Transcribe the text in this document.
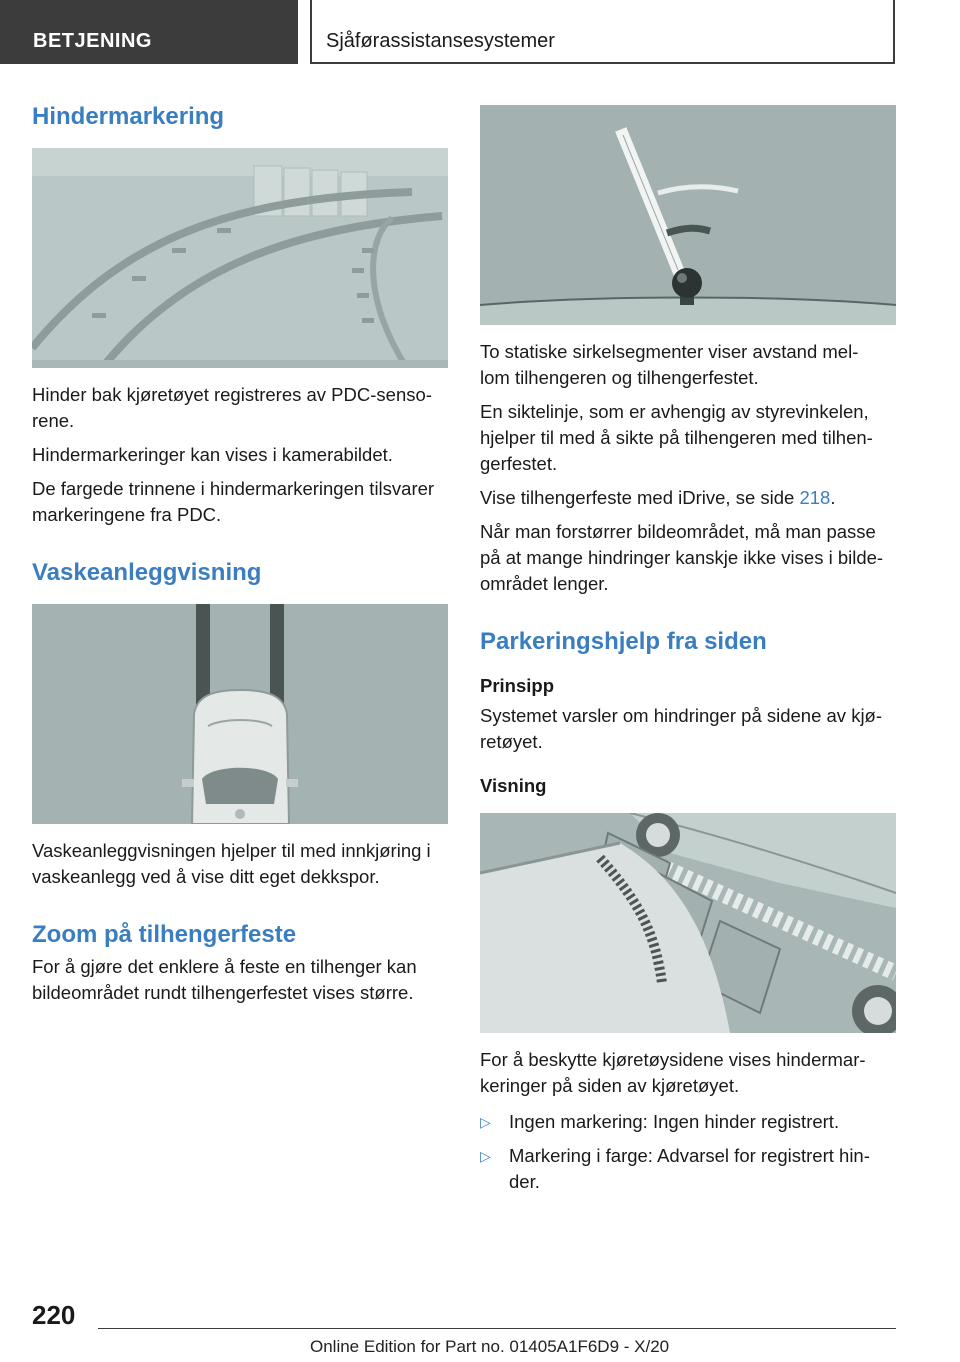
BETJENING	Sjåførassistansesystemer
Hindermarkering

Hinder bak kjøretøyet registreres av PDC-senso-

rene.

Hindermarkeringer kan vises i kamerabildet.

De fargede trinnene i hindermarkeringen tilsvarer

markeringene fra PDC.

Vaskeanleggvisning

Vaskeanleggvisningen hjelper til med innkjøring i

vaskeanlegg ved å vise ditt eget dekkspor.

Zoom på tilhengerfeste

For å gjøre det enklere å feste en tilhenger kan

bildeområdet rundt tilhengerfestet vises større.

To statiske sirkelsegmenter viser avstand mel-

lom tilhengeren og tilhengerfestet.

En siktelinje, som er avhengig av styrevinkelen,

hjelper til med å sikte på tilhengeren med tilhen-

gerfestet.

Vise tilhengerfeste med iDrive, se side 218.

Når man forstørrer bildeområdet, må man passe

på at mange hindringer kanskje ikke vises i bilde-

området lenger.

Parkeringshjelp fra siden
Prinsipp

Systemet varsler om hindringer på sidene av kjø-

retøyet.

Visning

For å beskytte kjøretøysidene vises hindermar-

keringer på siden av kjøretøyet.

▷ Ingen markering: Ingen hinder registrert.
▷ Markering i farge: Advarsel for registrert hin-
der.
220
Online Edition for Part no. 01405A1F6D9 - X/20
